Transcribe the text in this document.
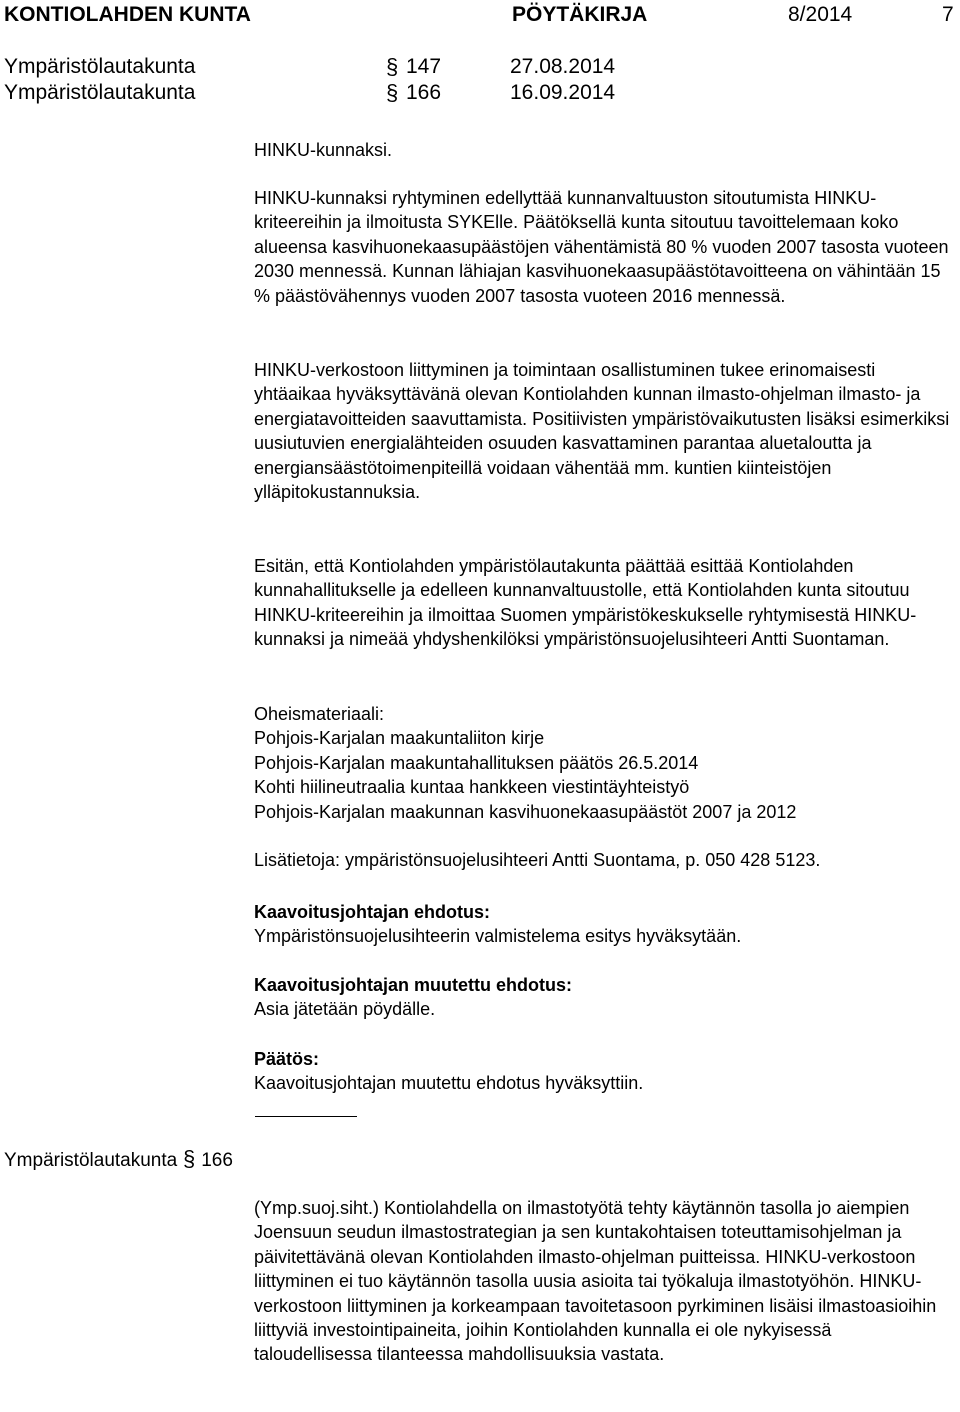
KONTIOLAHDEN KUNTA	PÖYTÄKIRJA	8/2014	7
Ympäristölautakunta	§ 147	27.08.2014
Ympäristölautakunta	§ 166	16.09.2014

HINKU-kunnaksi.

HINKU-kunnaksi ryhtyminen edellyttää kunnanvaltuuston sitoutumista HINKU-kriteereihin ja ilmoitusta SYKElle. Päätöksellä kunta sitoutuu tavoittelemaan koko alueensa kasvihuonekaasupäästöjen vähentämistä 80 % vuoden 2007 tasosta vuoteen 2030 mennessä. Kunnan lähiajan kasvihuonekaasupäästötavoitteena on vähintään 15 % päästövähennys vuoden 2007 tasosta vuoteen 2016 mennessä.

HINKU-verkostoon liittyminen ja toimintaan osallistuminen tukee erinomaisesti yhtäaikaa hyväksyttävänä olevan Kontiolahden kunnan ilmasto-ohjelman ilmasto- ja energiatavoitteiden saavuttamista. Positiivisten ympäristövaikutusten lisäksi esimerkiksi uusiutuvien energialähteiden osuuden kasvattaminen parantaa aluetaloutta ja energiansäästötoimenpiteillä voidaan vähentää mm. kuntien kiinteistöjen ylläpitokustannuksia.

Esitän, että Kontiolahden ympäristölautakunta päättää esittää Kontiolahden kunnahallitukselle ja edelleen kunnanvaltuustolle, että Kontiolahden kunta sitoutuu HINKU-kriteereihin ja ilmoittaa Suomen ympäristökeskukselle ryhtymisestä HINKU-kunnaksi ja nimeää yhdyshenkilöksi ympäristönsuojelusihteeri Antti Suontaman.

Oheismateriaali:

Pohjois-Karjalan maakuntaliiton kirje

Pohjois-Karjalan maakuntahallituksen päätös 26.5.2014

Kohti hiilineutraalia kuntaa hankkeen viestintäyhteistyö

Pohjois-Karjalan maakunnan kasvihuonekaasupäästöt 2007 ja 2012

Lisätietoja: ympäristönsuojelusihteeri Antti Suontama, p. 050 428 5123.

Kaavoitusjohtajan ehdotus:

Ympäristönsuojelusihteerin valmistelema esitys hyväksytään.

Kaavoitusjohtajan muutettu ehdotus:

Asia jätetään pöydälle.

Päätös:

Kaavoitusjohtajan muutettu ehdotus hyväksyttiin.

Ympäristölautakunta § 166

(Ymp.suoj.siht.) Kontiolahdella on ilmastotyötä tehty käytännön tasolla jo aiempien Joensuun seudun ilmastostrategian ja sen kuntakohtaisen toteuttamisohjelman ja päivitettävänä olevan Kontiolahden ilmasto-ohjelman puitteissa. HINKU-verkostoon liittyminen ei tuo käytännön tasolla uusia asioita tai työkaluja ilmastotyöhön. HINKU-verkostoon liittyminen ja korkeampaan tavoitetasoon pyrkiminen lisäisi ilmastoasioihin liittyviä investointipaineita, joihin Kontiolahden kunnalla ei ole nykyisessä taloudellisessa tilanteessa mahdollisuuksia vastata.
